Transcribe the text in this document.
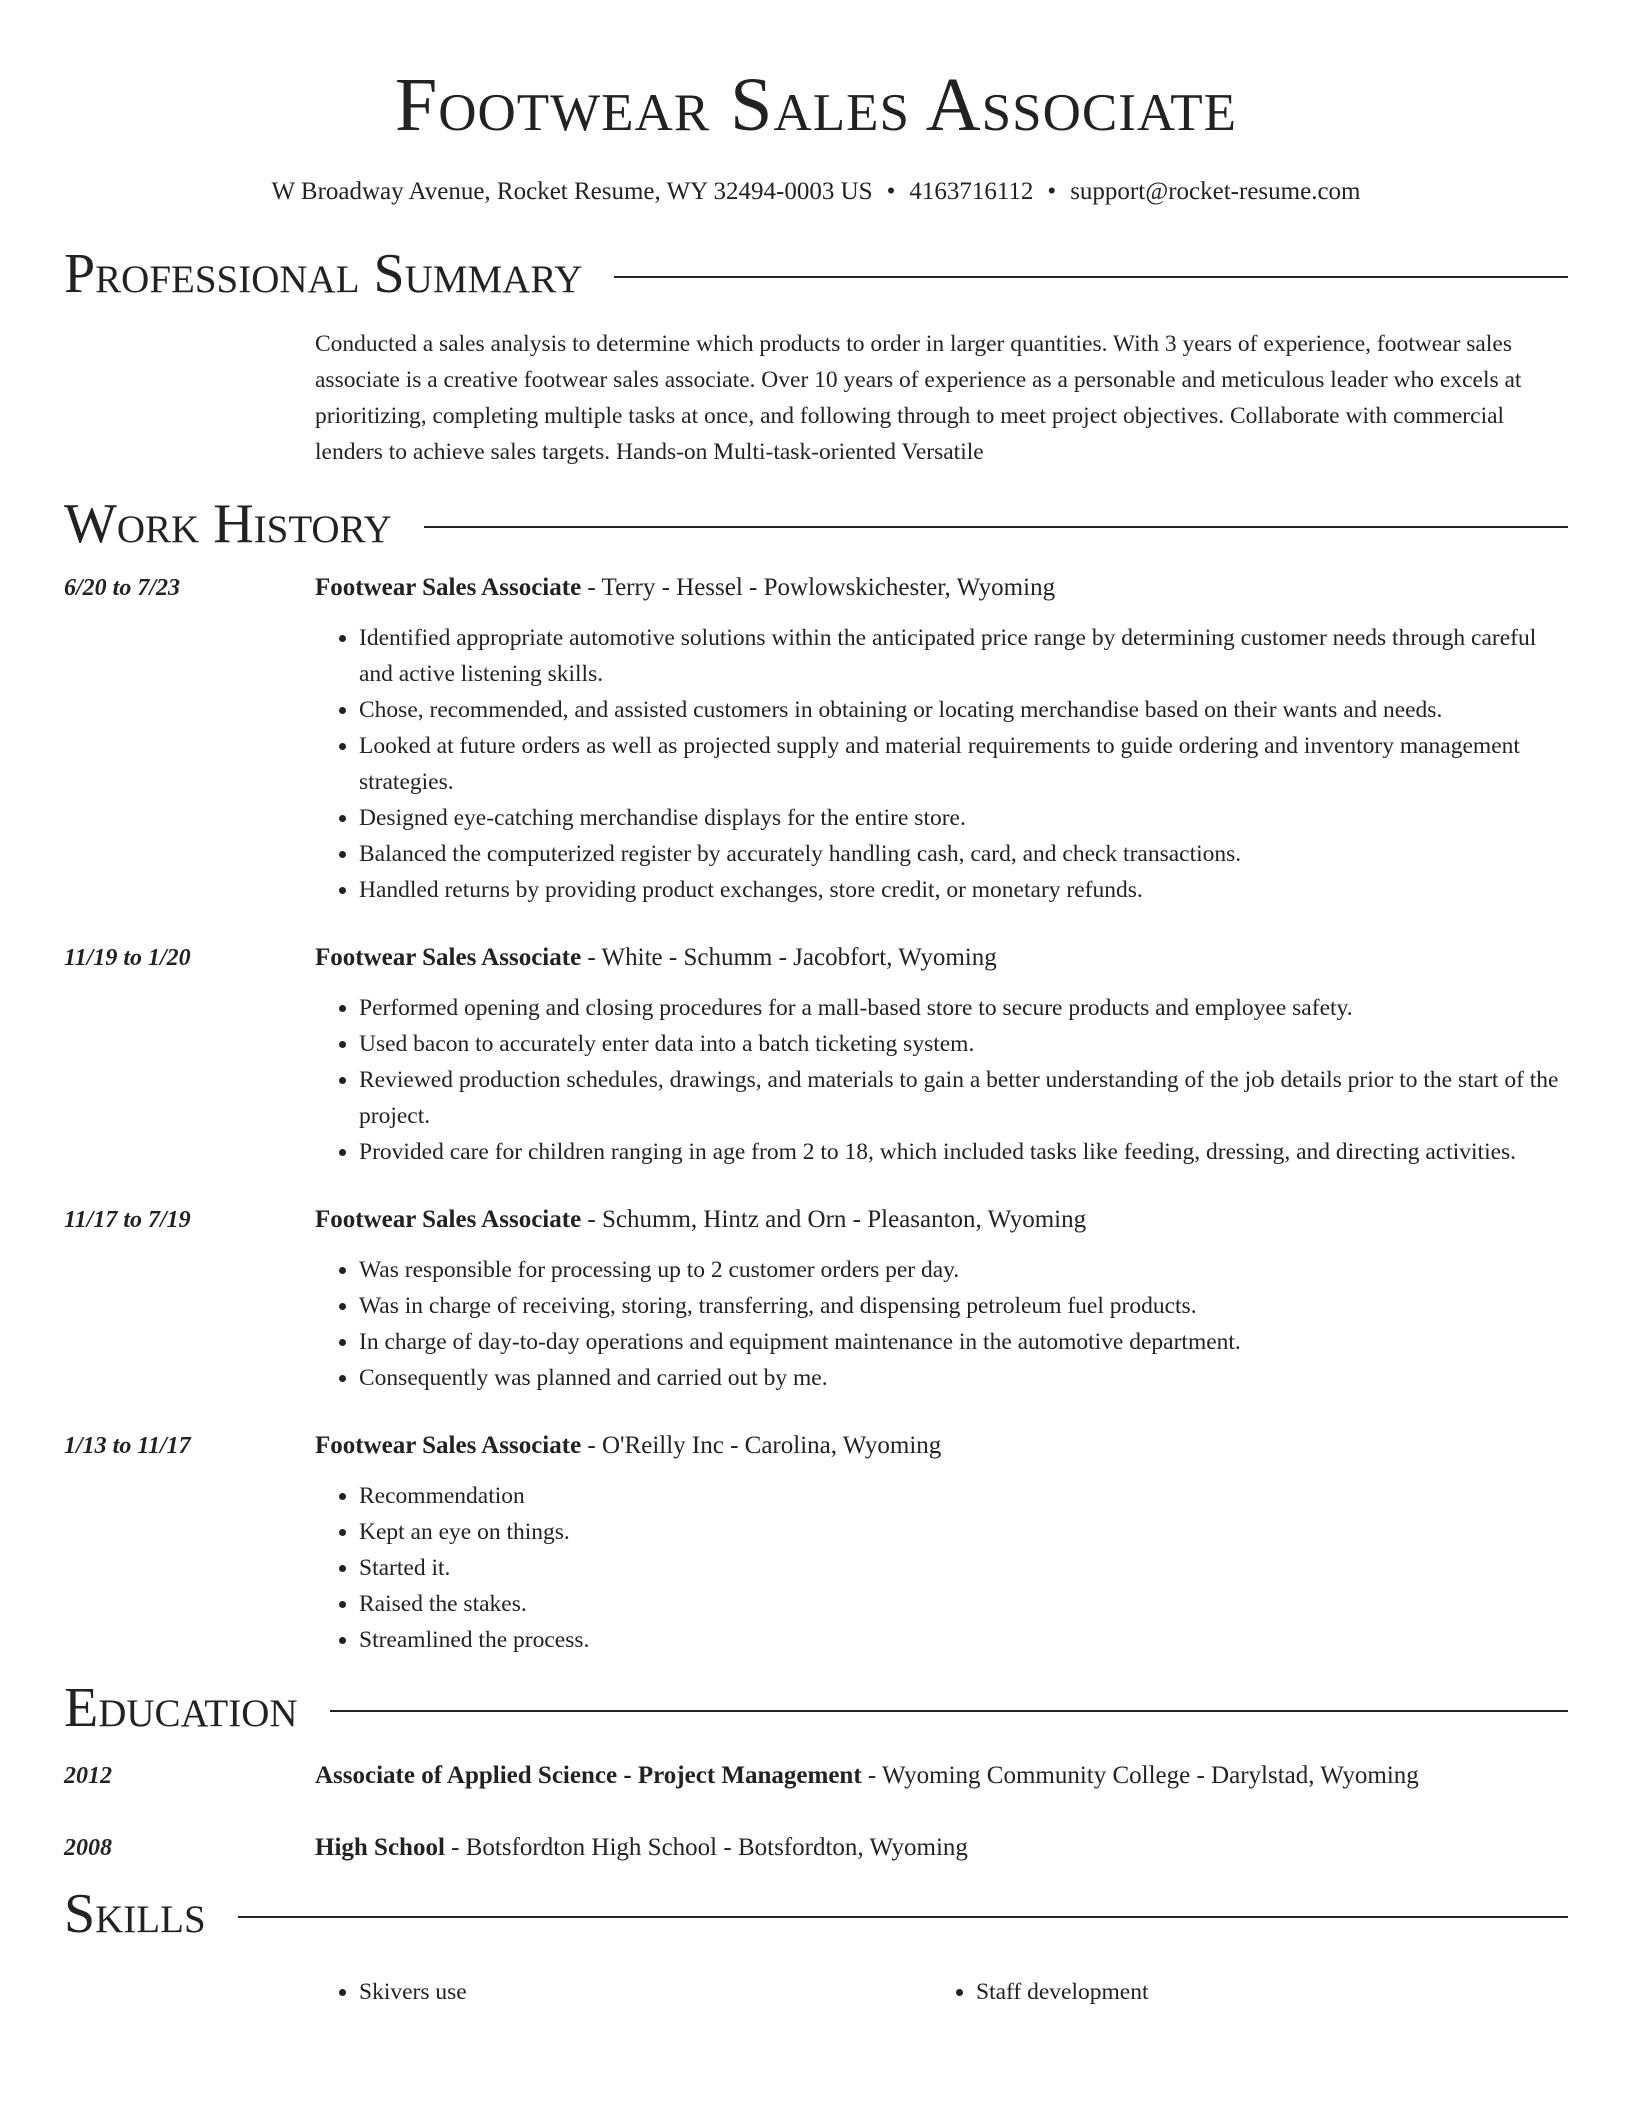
Footwear Sales Associate
W Broadway Avenue, Rocket Resume, WY 32494-0003 US • 4163716112 • support@rocket-resume.com
Professional Summary
Conducted a sales analysis to determine which products to order in larger quantities. With 3 years of experience, footwear sales associate is a creative footwear sales associate. Over 10 years of experience as a personable and meticulous leader who excels at prioritizing, completing multiple tasks at once, and following through to meet project objectives. Collaborate with commercial lenders to achieve sales targets. Hands-on Multi-task-oriented Versatile
Work History
6/20 to 7/23	Footwear Sales Associate - Terry - Hessel - Powlowskichester, Wyoming
• Identified appropriate automotive solutions within the anticipated price range by determining customer needs through careful and active listening skills.
• Chose, recommended, and assisted customers in obtaining or locating merchandise based on their wants and needs.
• Looked at future orders as well as projected supply and material requirements to guide ordering and inventory management strategies.
• Designed eye-catching merchandise displays for the entire store.
• Balanced the computerized register by accurately handling cash, card, and check transactions.
• Handled returns by providing product exchanges, store credit, or monetary refunds.
11/19 to 1/20	Footwear Sales Associate - White - Schumm - Jacobfort, Wyoming
• Performed opening and closing procedures for a mall-based store to secure products and employee safety.
• Used bacon to accurately enter data into a batch ticketing system.
• Reviewed production schedules, drawings, and materials to gain a better understanding of the job details prior to the start of the project.
• Provided care for children ranging in age from 2 to 18, which included tasks like feeding, dressing, and directing activities.
11/17 to 7/19	Footwear Sales Associate - Schumm, Hintz and Orn - Pleasanton, Wyoming
• Was responsible for processing up to 2 customer orders per day.
• Was in charge of receiving, storing, transferring, and dispensing petroleum fuel products.
• In charge of day-to-day operations and equipment maintenance in the automotive department.
• Consequently was planned and carried out by me.
1/13 to 11/17	Footwear Sales Associate - O'Reilly Inc - Carolina, Wyoming
• Recommendation
• Kept an eye on things.
• Started it.
• Raised the stakes.
• Streamlined the process.
Education
2012	Associate of Applied Science - Project Management - Wyoming Community College - Darylstad, Wyoming
2008	High School - Botsfordton High School - Botsfordton, Wyoming
Skills
• Skivers use
•	Staff development
